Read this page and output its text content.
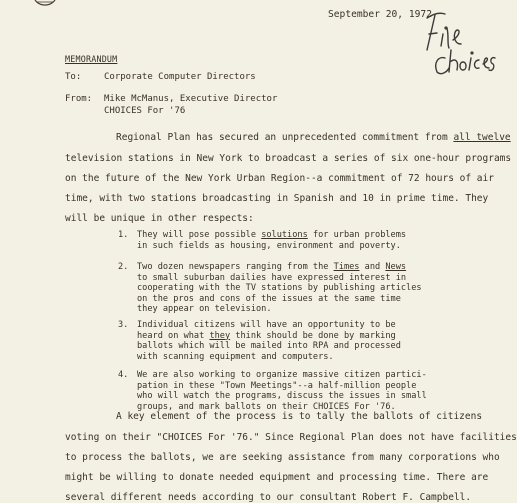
September 20, 1972
MEMORANDUM
To:	Corporate Computer Directors
From: Mike McManus, Executive Director
CHOICES For '76
Regional Plan has secured an unprecedented commitment from all twelve
television stations in New York to broadcast a series of six one-hour programs
on the future of the New York Urban Region--a commitment of 72 hours of air
time, with two stations broadcasting in Spanish and 10 in prime time. They
will be unique in other respects:
1. They will pose possible solutions for urban problems
in such fields as housing, environment and poverty.
2. Two dozen newspapers ranging from the Times and News
to small suburban dailies have expressed interest in
cooperating with the TV stations by publishing articles
on the pros and cons of the issues at the same time
they appear on television.
3. Individual citizens will have an opportunity to be
heard on what they think should be done by marking
ballots which will be mailed into RPA and processed
with scanning equipment and computers.
4. We are also working to organize massive citizen partici-
pation in these "Town Meetings"--a half-million people
who will watch the programs, discuss the issues in small
groups, and mark ballots on their CHOICES For '76.
A key element of the process is to tally the ballots of citizens
voting on their "CHOICES For '76." Since Regional Plan does not have facilities
to process the ballots, we are seeking assistance from many corporations who
might be willing to donate needed equipment and processing time. There are
several different needs according to our consultant Robert F. Campbell.
